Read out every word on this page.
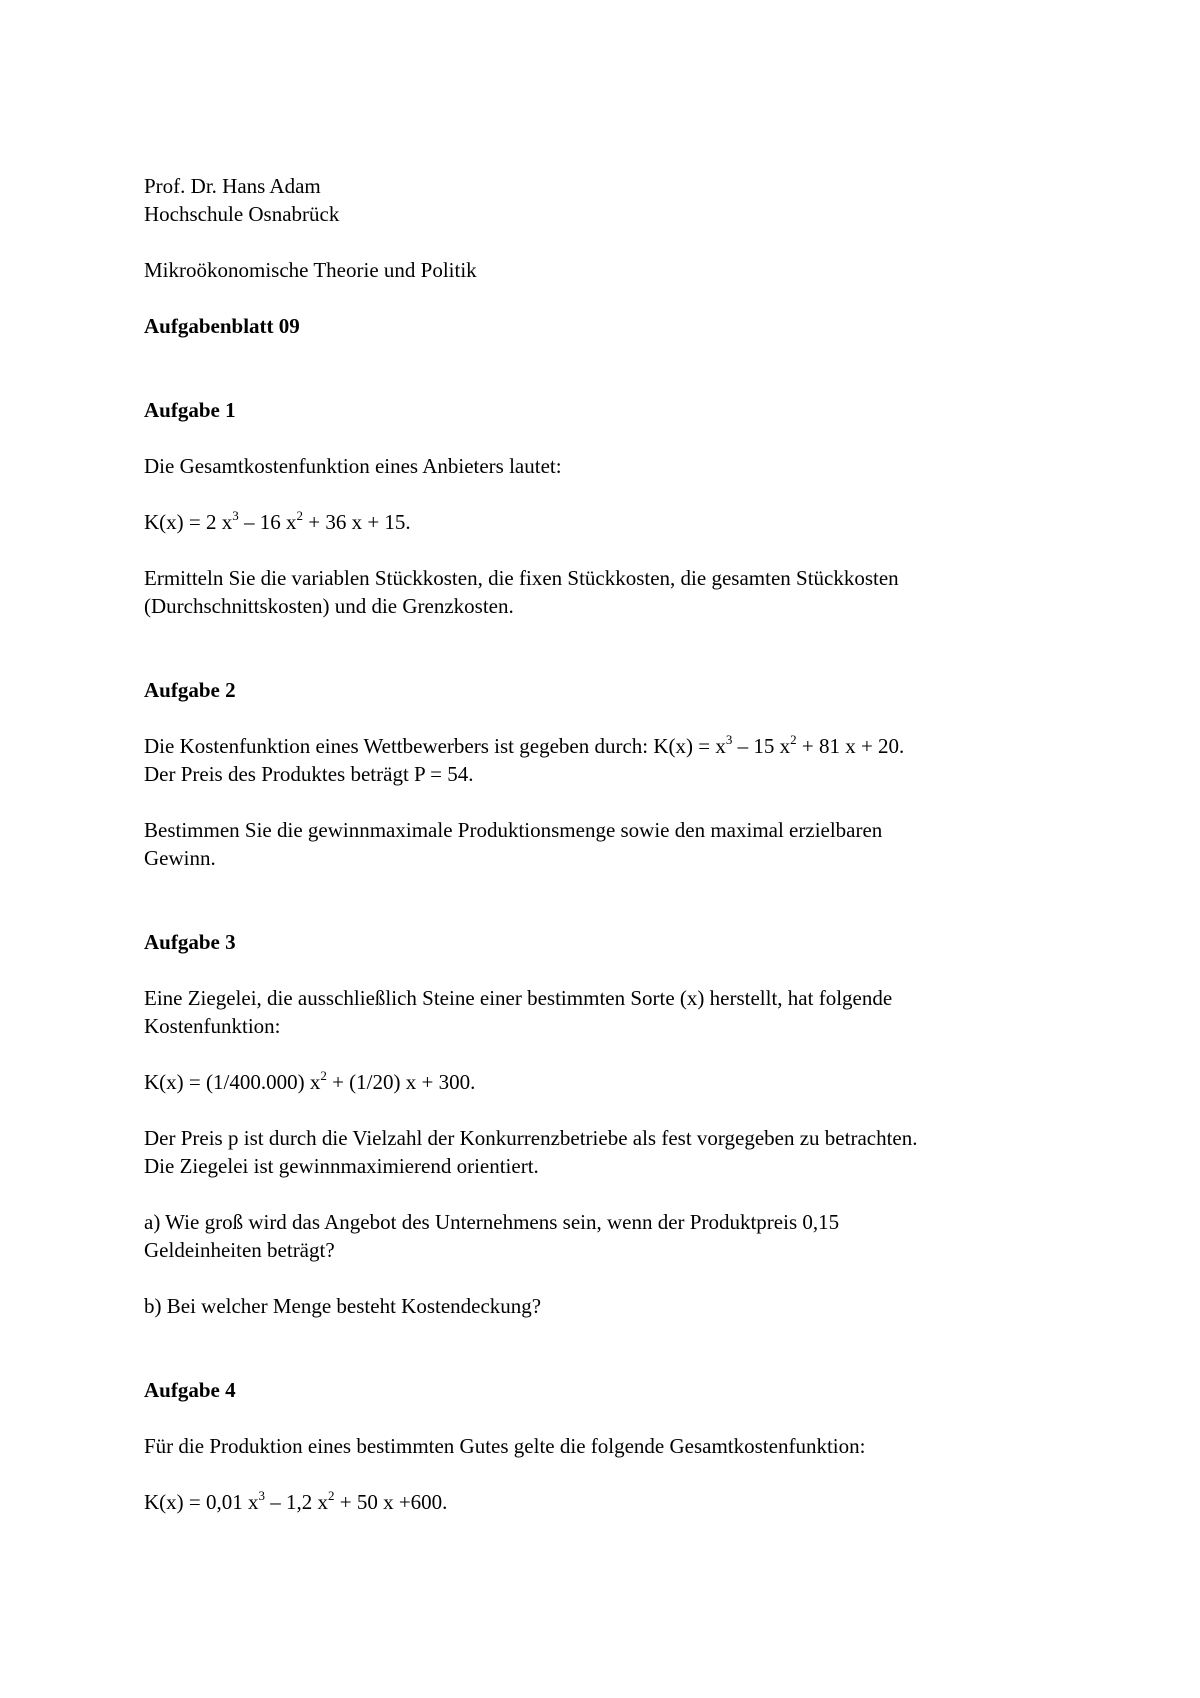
Prof. Dr. Hans Adam
Hochschule Osnabrück
Mikroökonomische Theorie und Politik
Aufgabenblatt 09
Aufgabe 1
Die Gesamtkostenfunktion eines Anbieters lautet:
K(x) = 2 $x^3 - 16$ $x^2 + 36$ x + 15.
Ermitteln Sie die variablen Stückkosten, die fixen Stückkosten, die gesamten Stückkosten
(Durchschnittskosten) und die Grenzkosten.
Aufgabe 2
Die Kostenfunktion eines Wettbewerbers ist gegeben durch: $K(x) = x^3 - 15$ $x^2 + 81$ x + 20.
Der Preis des Produktes beträgt P = 54.
Bestimmen Sie die gewinnmaximale Produktionsmenge sowie den maximal erzielbaren
Gewinn.
Aufgabe 3
Eine Ziegelei, die ausschließlich Steine einer bestimmten Sorte (x) herstellt, hat folgende
Kostenfunktion:
K(x) = (1/400.000) $x^2 + (1/20) x + 300$.
Der Preis p ist durch die Vielzahl der Konkurrenzbetriebe als fest vorgegeben zu betrachten.
Die Ziegelei ist gewinnmaximierend orientiert.
a) Wie groß wird das Angebot des Unternehmens sein, wenn der Produktpreis 0,15
Geldeinheiten beträgt?
b) Bei welcher Menge besteht Kostendeckung?
Aufgabe 4
Für die Produktion eines bestimmten Gutes gelte die folgende Gesamtkostenfunktion:
K(x) = 0,01 $x^3 - 1,2$ $x^2 + 50$ x +600.
